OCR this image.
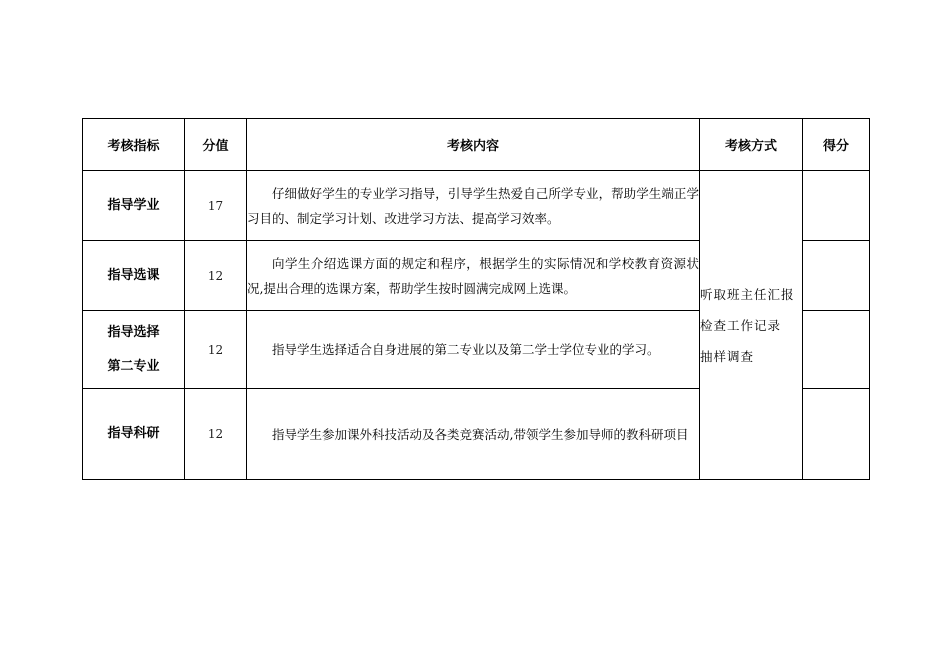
考核指标	分值	考核内容	考核方式	得分
指导学业	17	仔细做好学生的专业学习指导，引导学生热爱自己所学专业，帮助学生端正学习目的、制定学习计划、改进学习方法、提高学习效率。	听取班主任汇报
检查工作记录
抽样调查	

指导选课	12	向学生介绍选课方面的规定和程序，根据学生的实际情况和学校教育资源状况,提出合理的选课方案，帮助学生按时圆满完成网上选课。		

指导选择
第二专业	12	指导学生选择适合自身进展的第二专业以及第二学士学位专业的学习。		

指导科研	12	指导学生参加课外科技活动及各类竞赛活动,带领学生参加导师的教科研项目		
